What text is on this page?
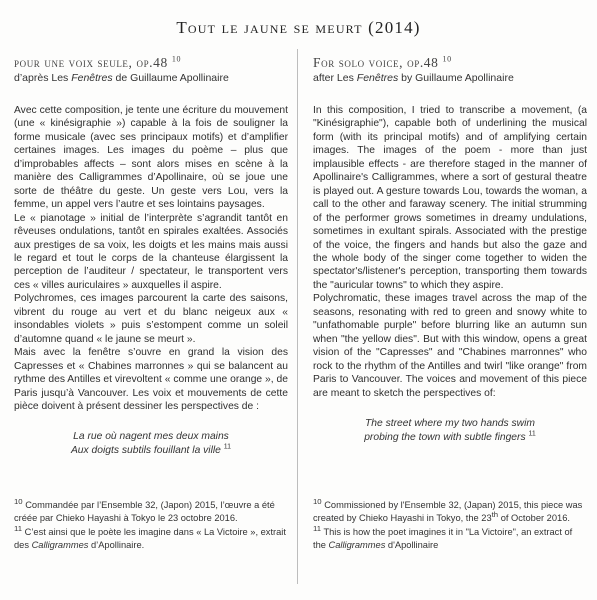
Tout le jaune se meurt (2014)
pour une voix seule, op.48 $^{10}$
d’après Les Fenêtres de Guillaume Apollinaire

Avec cette composition, je tente une écriture du mouvement (une « kinésigraphie ») capable à la fois de souligner la forme musicale (avec ses principaux motifs) et d’amplifier certaines images. Les images du poème – plus que d’improbables affects – sont alors mises en scène à la manière des Calligrammes d’Apollinaire, où se joue une sorte de théâtre du geste. Un geste vers Lou, vers la femme, un appel vers l’autre et ses lointains paysages.

Le « pianotage » initial de l’interprète s’agrandit tantôt en rêveuses ondulations, tantôt en spirales exaltées. Associés aux prestiges de sa voix, les doigts et les mains mais aussi le regard et tout le corps de la chanteuse élargissent la perception de l’auditeur / spectateur, le transportent vers ces « villes auriculaires » auxquelles il aspire.

Polychromes, ces images parcourent la carte des saisons, vibrent du rouge au vert et du blanc neigeux aux « insondables violets » puis s’estompent comme un soleil d’automne quand « le jaune se meurt ».

Mais avec la fenêtre s’ouvre en grand la vision des Capresses et « Chabines marronnes » qui se balancent au rythme des Antilles et virevoltent « comme une orange », de Paris jusqu’à Vancouver. Les voix et mouvements de cette pièce doivent à présent dessiner les perspectives de :

La rue où nagent mes deux mains
Aux doigts subtils fouillant la ville $^{11}$

$^{10}$ Commandée par l’Ensemble 32, (Japon) 2015, l’œuvre a été créée par Chieko Hayashi à Tokyo le 23 octobre 2016.

$^{11}$ C’est ainsi que le poète les imagine dans « La Victoire », extrait des Calligrammes d’Apollinaire.

For solo voice, op.48 $^{10}$
after Les Fenêtres by Guillaume Apollinaire

In this composition, I tried to transcribe a movement, (a "Kinésigraphie"), capable both of underlining the musical form (with its principal motifs) and of amplifying certain images. The images of the poem - more than just implausible effects - are therefore staged in the manner of Apollinaire's Calligrammes, where a sort of gestural theatre is played out. A gesture towards Lou, towards the woman, a call to the other and faraway scenery. The initial strumming of the performer grows sometimes in dreamy undulations, sometimes in exultant spirals. Associated with the prestige of the voice, the fingers and hands but also the gaze and the whole body of the singer come together to widen the spectator's/listener's perception, transporting them towards the "auricular towns" to which they aspire.

Polychromatic, these images travel across the map of the seasons, resonating with red to green and snowy white to "unfathomable purple" before blurring like an autumn sun when "the yellow dies". But with this window, opens a great vision of the "Capresses" and "Chabines marronnes" who rock to the rhythm of the Antilles and twirl "like orange" from Paris to Vancouver. The voices and movement of this piece are meant to sketch the perspectives of:

The street where my two hands swim
probing the town with subtle fingers $^{11}$

$^{10}$ Commissioned by l'Ensemble 32, (Japan) 2015, this piece was created by Chieko Hayashi in Tokyo, the 23th of October 2016.

$^{11}$ This is how the poet imagines it in "La Victoire", an extract of the Calligrammes d'Apollinaire
